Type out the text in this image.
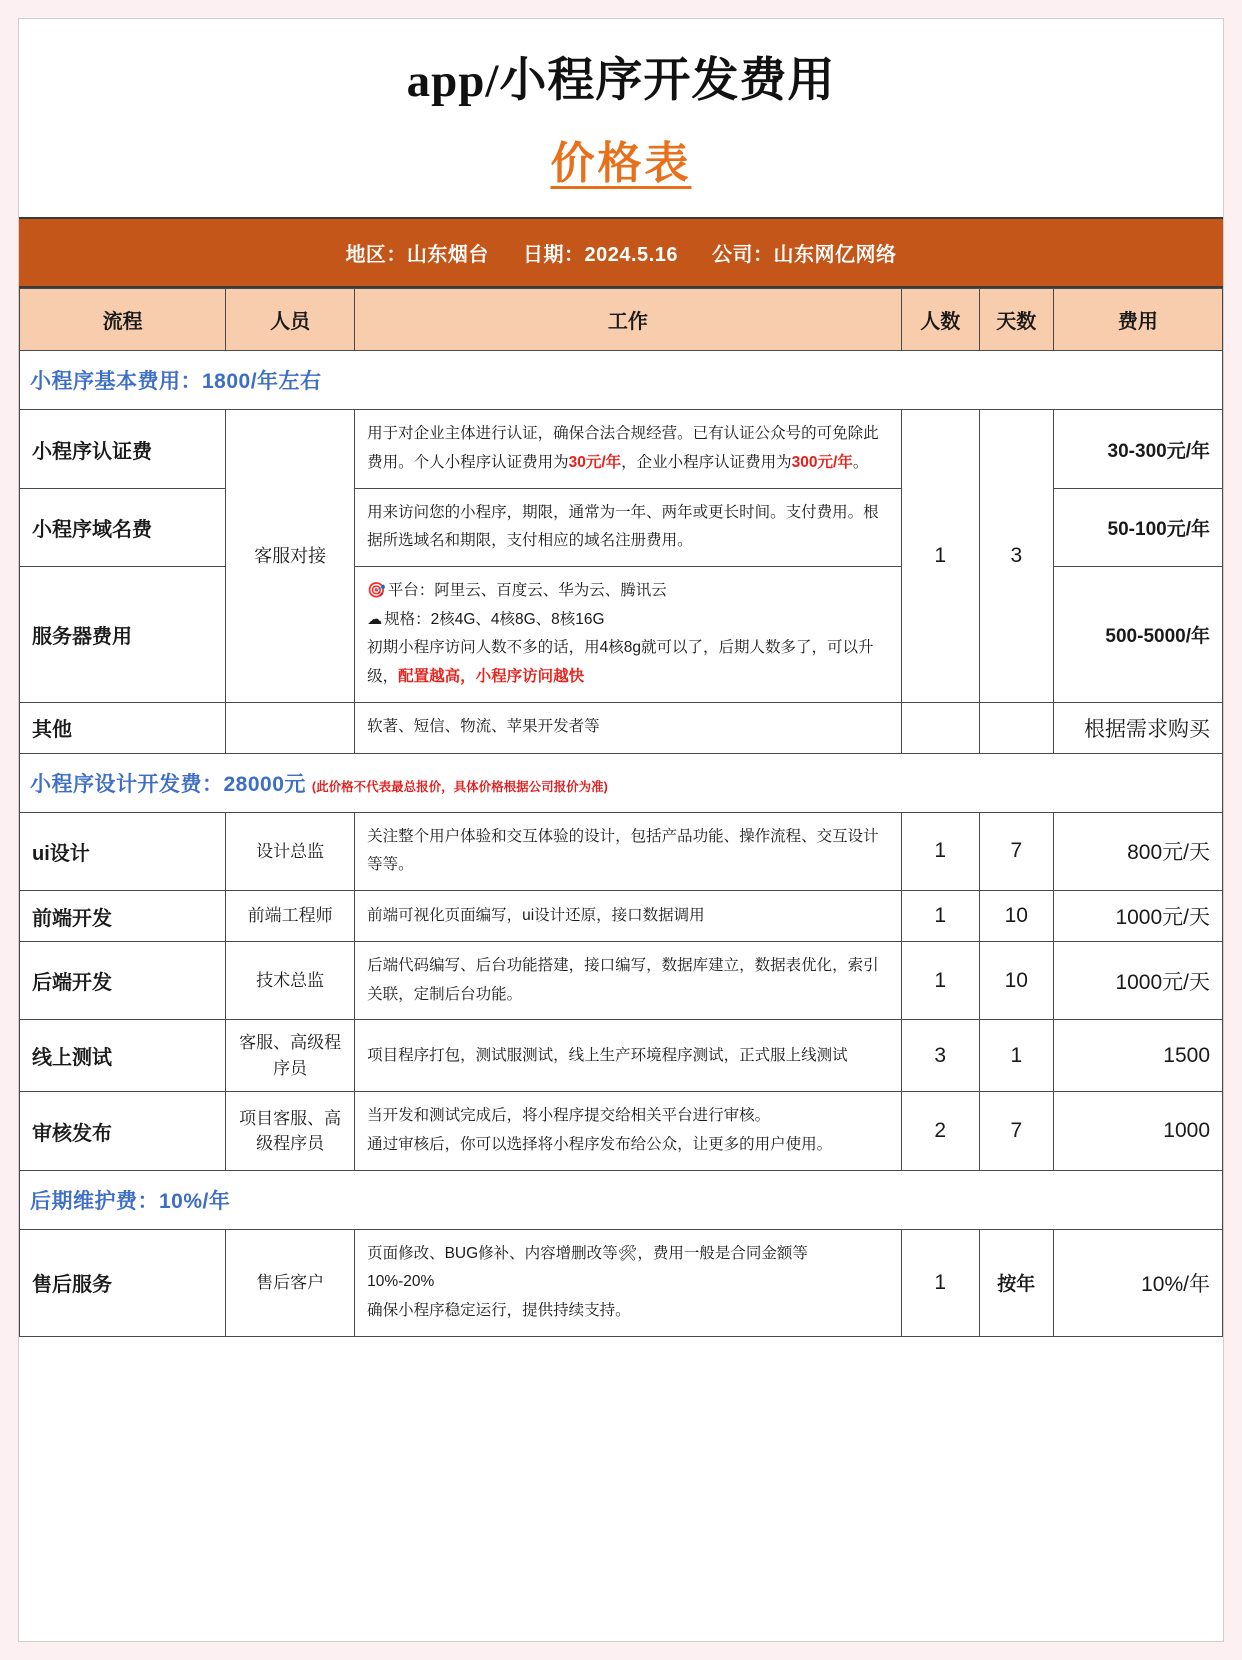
app/小程序开发费用
价格表
地区：山东烟台 日期：2024.5.16 公司：山东网亿网络
流程	人员	工作	人数	天数	费用
小程序基本费用：1800/年左右					
小程序认证费	客服对接	用于对企业主体进行认证，确保合法合规经营。已有认证公众号的可免除此费用。个人小程序认证费用为30元/年，企业小程序认证费用为300元/年。	1	3	30-300元/年
小程序域名费		用来访问您的小程序，期限，通常为一年、两年或更长时间。支付费用。根据所选域名和期限，支付相应的域名注册费用。			50-100元/年
服务器费用		🎯 平台：阿里云、百度云、华为云、腾讯云
☁ 规格：2核4G、4核8G、8核16G
初期小程序访问人数不多的话，用4核8g就可以了，后期人数多了，可以升级，配置越高，小程序访问越快			500-5000/年
其他		软著、短信、物流、苹果开发者等			根据需求购买
小程序设计开发费：28000元 (此价格不代表最总报价，具体价格根据公司报价为准)					
ui设计	设计总监	关注整个用户体验和交互体验的设计，包括产品功能、操作流程、交互设计等等。	1	7	800元/天
前端开发	前端工程师	前端可视化页面编写，ui设计还原，接口数据调用	1	10	1000元/天
后端开发	技术总监	后端代码编写、后台功能搭建，接口编写，数据库建立，数据表优化，索引关联，定制后台功能。	1	10	1000元/天
线上测试	客服、高级程序员	项目程序打包，测试服测试，线上生产环境程序测试，正式服上线测试	3	1	1500
审核发布	项目客服、高级程序员	当开发和测试完成后，将小程序提交给相关平台进行审核。
通过审核后，你可以选择将小程序发布给公众，让更多的用户使用。	2	7	1000
后期维护费：10%/年					
售后服务	售后客户	页面修改、BUG修补、内容增删改等🛠，费用一般是合同金额等
10%-20%
确保小程序稳定运行，提供持续支持。	1	按年	10%/年
